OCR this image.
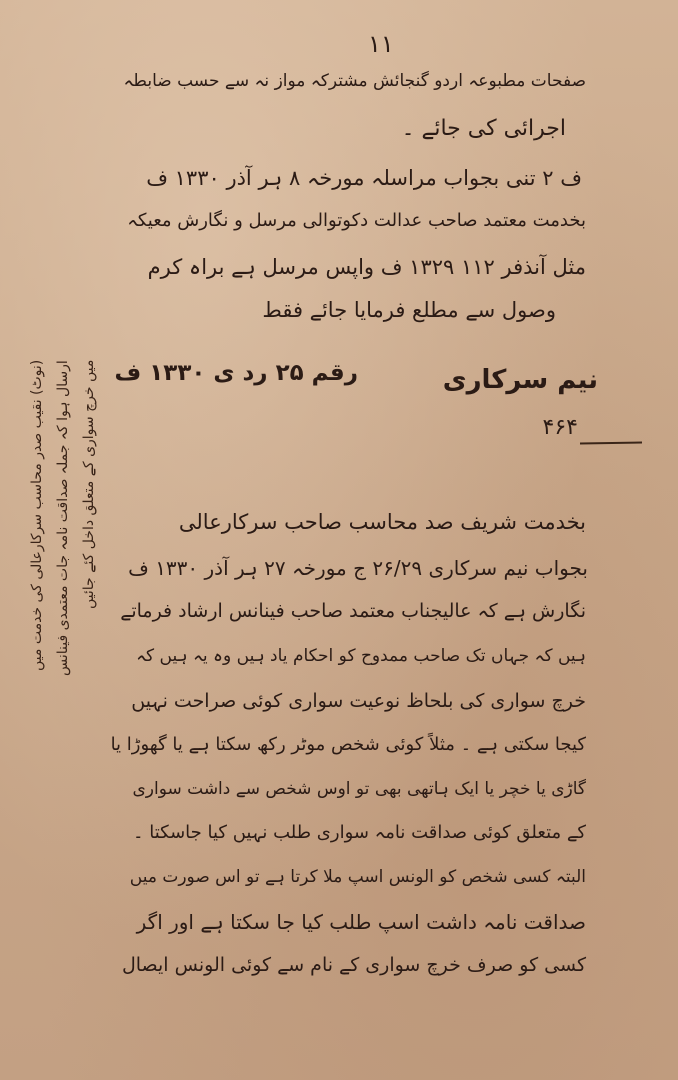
۱۱
صفحات مطبوعہ اردو گنجائش مشترکہ مواز نہ سے حسب ضابطہ
اجرائی کی جائے ۔
ف ۲ تنی بجواب مراسلہ مورخہ ۸ ہر آذر ۱۳۳۰ ف
بخدمت معتمد صاحب عدالت دکوتوالی مرسل و نگارش معیکہ
مثل آنذفر ۱۱۲ ۱۳۲۹ ف واپس مرسل ہے براہ کرم
وصول سے مطلع فرمایا جائے فقط
نیم سرکاری
رقم ۲۵ رد ی ۱۳۳۰ ف
۴۶۴
بخدمت شریف صد محاسب صاحب سرکارعالی
بجواب نیم سرکاری ۲۶/۲۹ ج مورخہ ۲۷ ہر آذر ۱۳۳۰ ف
نگارش ہے کہ عالیجناب معتمد صاحب فینانس ارشاد فرماتے
ہیں کہ جہاں تک صاحب ممدوح کو احکام یاد ہیں وہ یہ ہیں کہ
خرچ سواری کی بلحاظ نوعیت سواری کوئی صراحت نہیں
کیجا سکتی ہے ۔ مثلاً کوئی شخص موٹر رکھ سکتا ہے یا گھوڑا یا
گاڑی یا خچر یا ایک ہاتھی بھی تو اوس شخص سے داشت سواری
کے متعلق کوئی صداقت نامہ سواری طلب نہیں کیا جاسکتا ۔
البتہ کسی شخص کو الونس اسپ ملا کرتا ہے تو اس صورت میں
صداقت نامہ داشت اسپ طلب کیا جا سکتا ہے اور اگر
کسی کو صرف خرچ سواری کے نام سے کوئی الونس ایصال
(نوٹ) نقیب صدر محاسب سرکارعالی کی خدمت میں ارسال ہوا کہ جملہ صداقت نامہ جات معتمدی فینانس میں خرچ سواری کے متعلق داخل کئے جائیں
